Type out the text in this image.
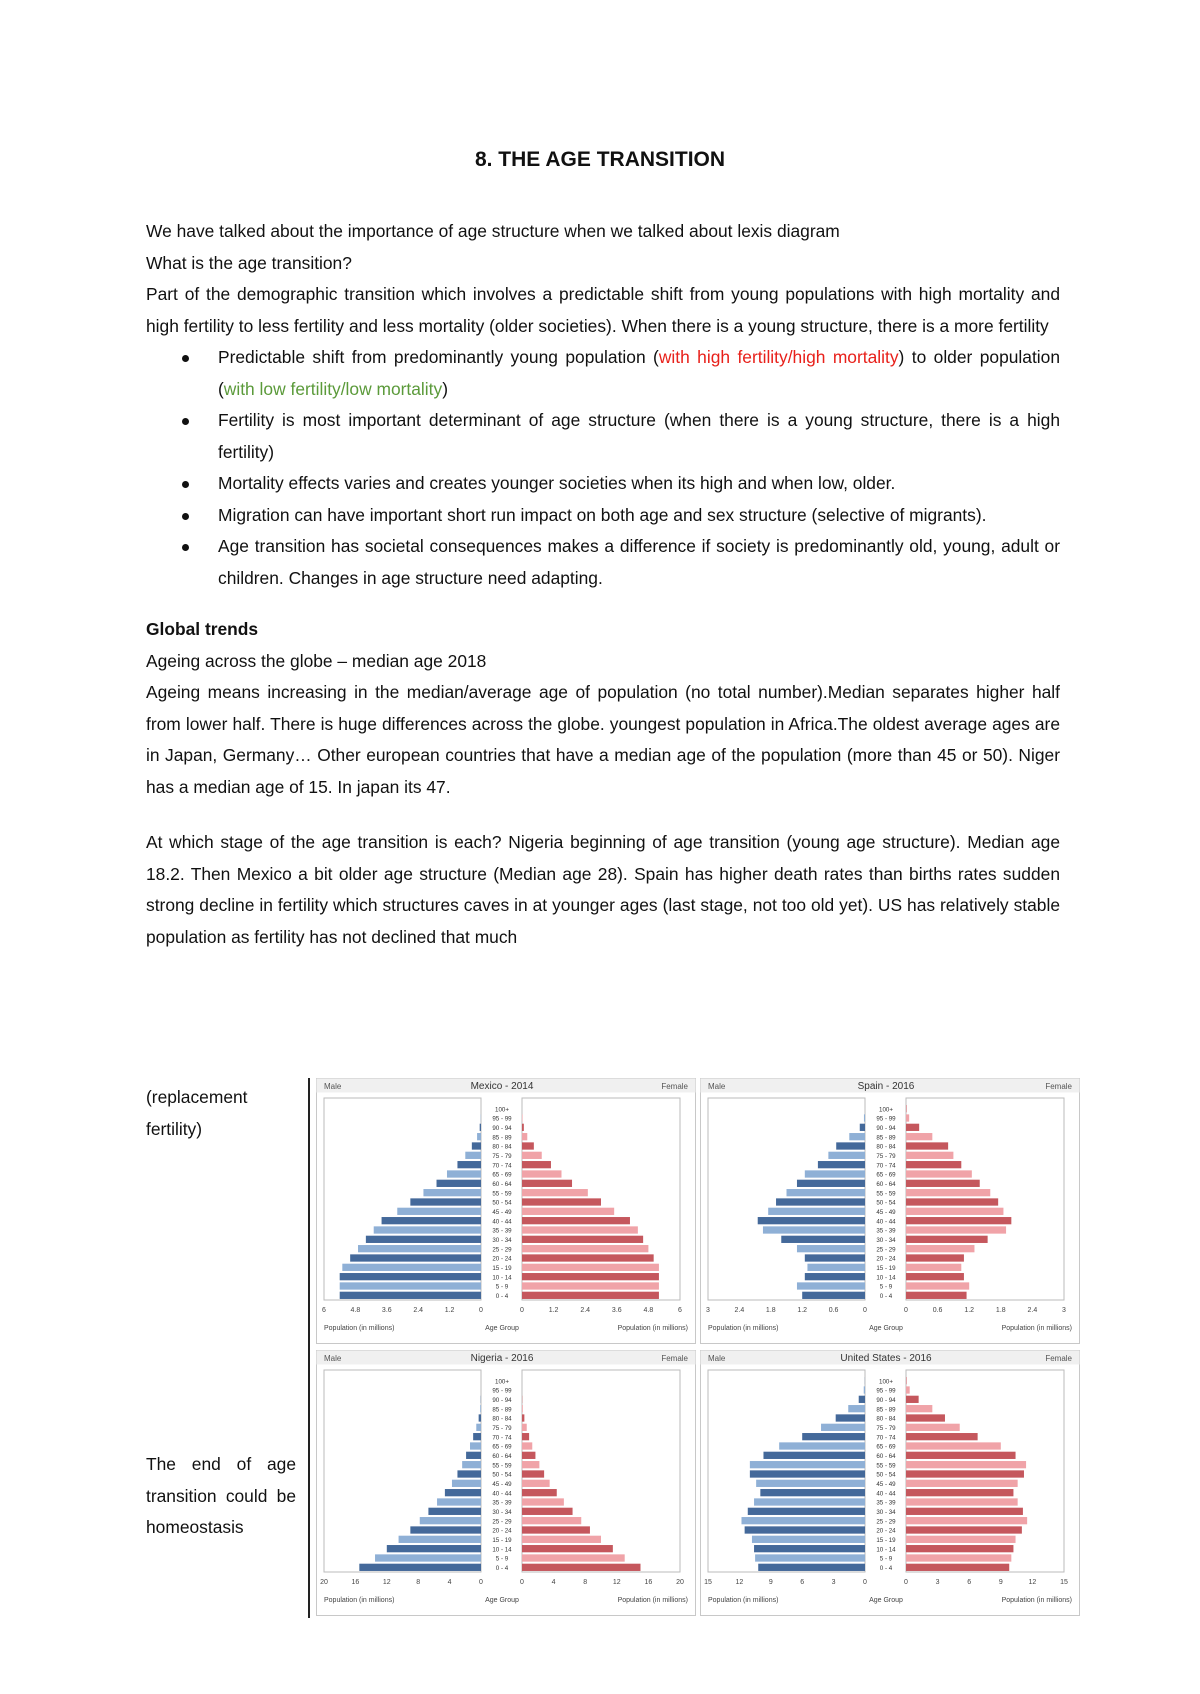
8. THE AGE TRANSITION

We have talked about the importance of age structure when we talked about lexis diagram

What is the age transition?

Part of the demographic transition which involves a predictable shift from young populations with high mortality and high fertility to less fertility and less mortality (older societies). When there is a young structure, there is a more fertility

Predictable shift from predominantly young population (with high fertility/high mortality) to older population (with low fertility/low mortality)
Fertility is most important determinant of age structure (when there is a young structure, there is a high fertility)
Mortality effects varies and creates younger societies when its high and when low, older.
Migration can have important short run impact on both age and sex structure (selective of migrants).
Age transition has societal consequences makes a difference if society is predominantly old, young, adult or children. Changes in age structure need adapting.

Global trends

Ageing across the globe – median age 2018

Ageing means increasing in the median/average age of population (no total number).Median separates higher half from lower half. There is huge differences across the globe. youngest population in Africa.The oldest average ages are in Japan, Germany… Other european countries that have a median age of the population (more than 45 or 50). Niger has a median age of 15. In japan its 47.

At which stage of the age transition is each? Nigeria beginning of age transition (young age structure). Median age 18.2. Then Mexico a bit older age structure (Median age 28). Spain has higher death rates than births rates sudden strong decline in fertility which structures caves in at younger ages (last stage, not too old yet). US has relatively stable population as fertility has not declined that much

(replacement fertility)
The end of age transition could be homeostasis
Mexico - 2014
Male	Female
0 - 4
5 - 9
10 - 14
15 - 19
20 - 24
25 - 29
30 - 34
35 - 39
40 - 44
45 - 49
50 - 54
55 - 59
60 - 64
65 - 69
70 - 74
75 - 79
80 - 84
85 - 89
90 - 94
95 - 99
100+
6	4.8	3.6	2.4	1.2	0	0	1.2	2.4	3.6	4.8	6
Population (in millions)	Age Group	Population (in millions)
Spain - 2016
Male	Female
0 - 4
5 - 9
10 - 14
15 - 19
20 - 24
25 - 29
30 - 34
35 - 39
40 - 44
45 - 49
50 - 54
55 - 59
60 - 64
65 - 69
70 - 74
75 - 79
80 - 84
85 - 89
90 - 94
95 - 99
100+
3	2.4	1.8	1.2	0.6	0	0	0.6	1.2	1.8	2.4	3
Population (in millions)	Age Group	Population (in millions)
Nigeria - 2016
Male	Female
0 - 4
5 - 9
10 - 14
15 - 19
20 - 24
25 - 29
30 - 34
35 - 39
40 - 44
45 - 49
50 - 54
55 - 59
60 - 64
65 - 69
70 - 74
75 - 79
80 - 84
85 - 89
90 - 94
95 - 99
100+
20	16	12	8	4	0	0	4	8	12	16	20
Population (in millions)	Age Group	Population (in millions)
United States - 2016
Male	Female
0 - 4
5 - 9
10 - 14
15 - 19
20 - 24
25 - 29
30 - 34
35 - 39
40 - 44
45 - 49
50 - 54
55 - 59
60 - 64
65 - 69
70 - 74
75 - 79
80 - 84
85 - 89
90 - 94
95 - 99
100+
15	12	9	6	3	0	0	3	6	9	12	15
Population (in millions)	Age Group	Population (in millions)
